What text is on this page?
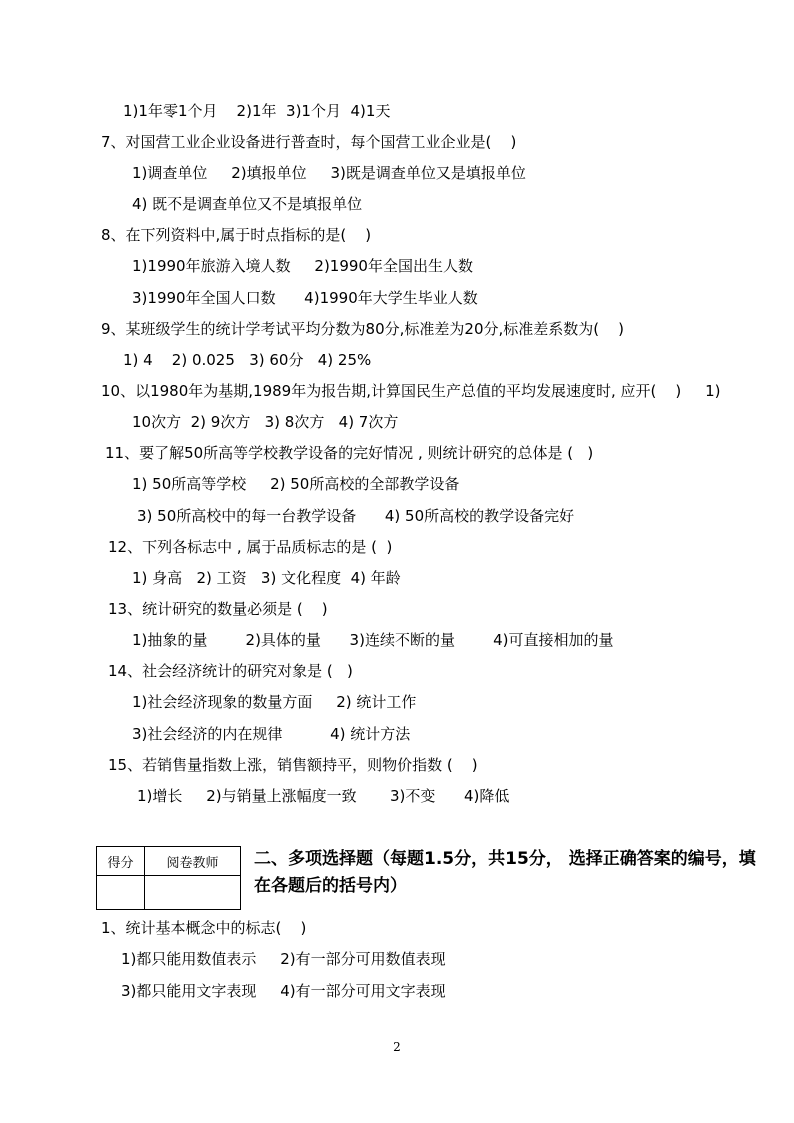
1)1年零1个月    2)1年  3)1个月  4)1天
7、对国营工业企业设备进行普查时，每个国营工业企业是(    )
1)调查单位     2)填报单位     3)既是调查单位又是填报单位
4) 既不是调查单位又不是填报单位
8、在下列资料中,属于时点指标的是(    )
1)1990年旅游入境人数     2)1990年全国出生人数
3)1990年全国人口数      4)1990年大学生毕业人数
9、某班级学生的统计学考试平均分数为80分,标准差为20分,标准差系数为(    )
1) 4    2) 0.025   3) 60分   4) 25%
10、以1980年为基期,1989年为报告期,计算国民生产总值的平均发展速度时, 应开(    )     1)
10次方  2) 9次方   3) 8次方   4) 7次方
11、要了解50所高等学校教学设备的完好情况 , 则统计研究的总体是 (   )
1) 50所高等学校     2) 50所高校的全部教学设备
3) 50所高校中的每一台教学设备      4) 50所高校的教学设备完好
12、下列各标志中 , 属于品质标志的是 (  )
1) 身高   2) 工资   3) 文化程度  4) 年龄
13、统计研究的数量必须是 (    )
1)抽象的量        2)具体的量      3)连续不断的量        4)可直接相加的量
14、社会经济统计的研究对象是 (   )
1)社会经济现象的数量方面     2) 统计工作
3)社会经济的内在规律          4) 统计方法
15、若销售量指数上涨，销售额持平，则物价指数 (    )
1)增长     2)与销量上涨幅度一致       3)不变      4)降低
得分	阅卷教师
	二、多项选择题（每题1.5分，共15分， 选择正确答案的编号，填在各题后的括号内）
1、统计基本概念中的标志(    )
1)都只能用数值表示     2)有一部分可用数值表现
3)都只能用文字表现     4)有一部分可用文字表现
2
